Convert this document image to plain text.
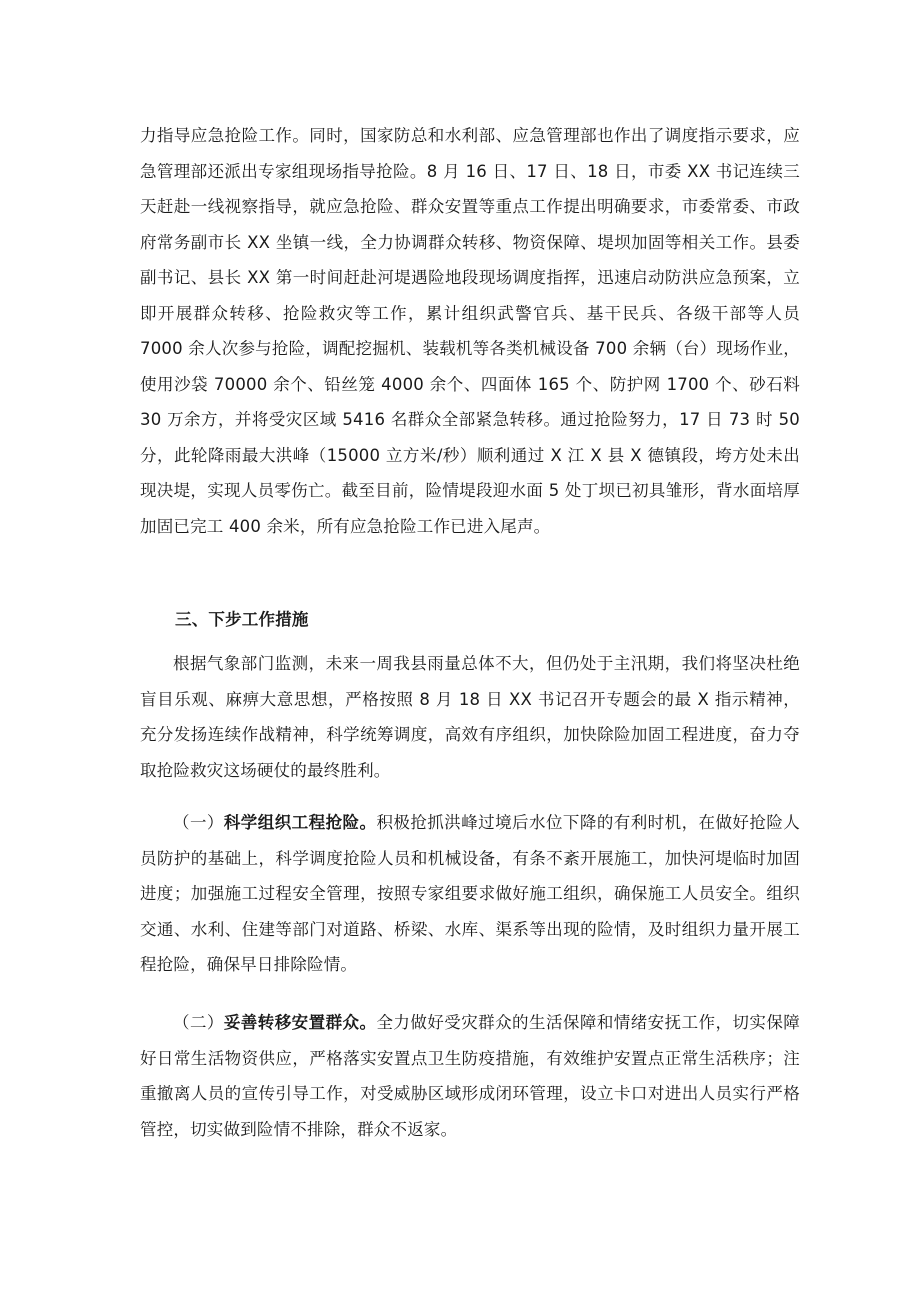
力指导应急抢险工作。同时，国家防总和水利部、应急管理部也作出了调度指示要求，应急管理部还派出专家组现场指导抢险。8 月 16 日、17 日、18 日，市委 XX 书记连续三天赶赴一线视察指导，就应急抢险、群众安置等重点工作提出明确要求，市委常委、市政府常务副市长 XX 坐镇一线，全力协调群众转移、物资保障、堤坝加固等相关工作。县委副书记、县长 XX 第一时间赶赴河堤遇险地段现场调度指挥，迅速启动防洪应急预案，立即开展群众转移、抢险救灾等工作，累计组织武警官兵、基干民兵、各级干部等人员 7000 余人次参与抢险，调配挖掘机、装载机等各类机械设备 700 余辆（台）现场作业，使用沙袋 70000 余个、铅丝笼 4000 余个、四面体 165 个、防护网 1700 个、砂石料 30 万余方，并将受灾区域 5416 名群众全部紧急转移。通过抢险努力，17 日 73 时 50 分，此轮降雨最大洪峰（15000 立方米/秒）顺利通过 X 江 X 县 X 德镇段，垮方处未出现决堤，实现人员零伤亡。截至目前，险情堤段迎水面 5 处丁坝已初具雏形，背水面培厚加固已完工 400 余米，所有应急抢险工作已进入尾声。

三、下步工作措施

根据气象部门监测，未来一周我县雨量总体不大，但仍处于主汛期，我们将坚决杜绝盲目乐观、麻痹大意思想，严格按照 8 月 18 日 XX 书记召开专题会的最 X 指示精神，充分发扬连续作战精神，科学统筹调度，高效有序组织，加快除险加固工程进度，奋力夺取抢险救灾这场硬仗的最终胜利。

（一）科学组织工程抢险。积极抢抓洪峰过境后水位下降的有利时机，在做好抢险人员防护的基础上，科学调度抢险人员和机械设备，有条不紊开展施工，加快河堤临时加固进度；加强施工过程安全管理，按照专家组要求做好施工组织，确保施工人员安全。组织交通、水利、住建等部门对道路、桥梁、水库、渠系等出现的险情，及时组织力量开展工程抢险，确保早日排除险情。

（二）妥善转移安置群众。全力做好受灾群众的生活保障和情绪安抚工作，切实保障好日常生活物资供应，严格落实安置点卫生防疫措施，有效维护安置点正常生活秩序；注重撤离人员的宣传引导工作，对受威胁区域形成闭环管理，设立卡口对进出人员实行严格管控，切实做到险情不排除，群众不返家。
